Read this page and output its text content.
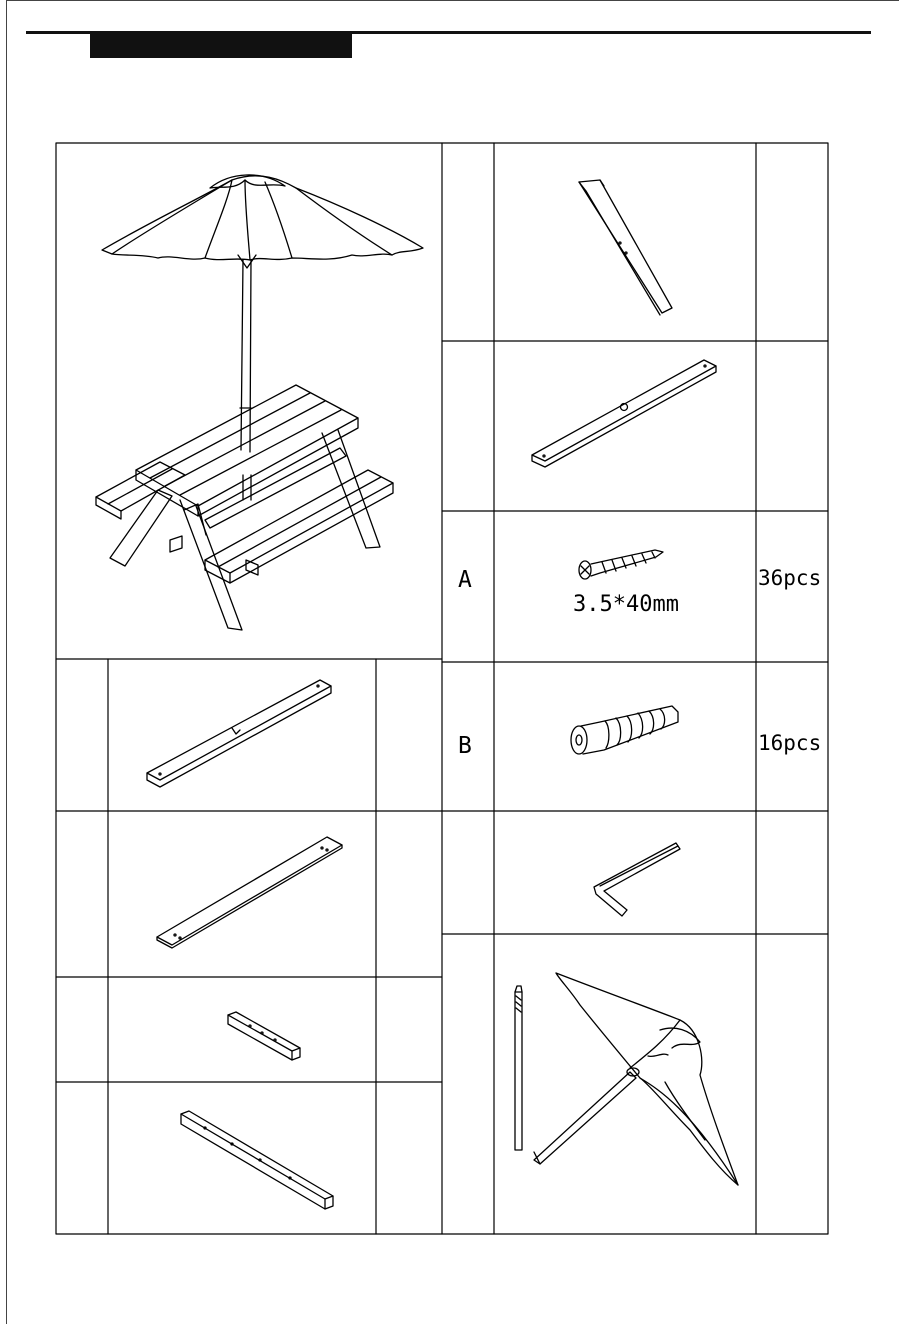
A
3.5*40mm
36pcs
B	16pcs
